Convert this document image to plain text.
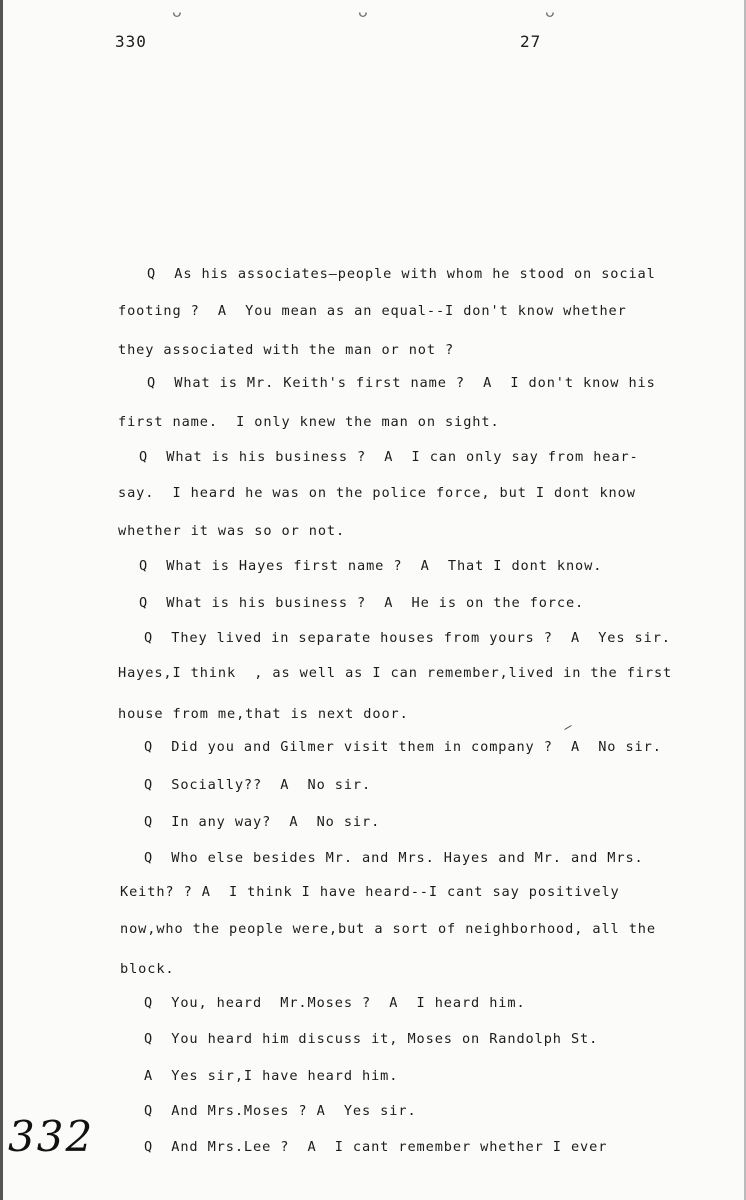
ᴗ	ᴗ	ᴗ
330	27
Q  As his associates—people with whom he stood on social
footing ?  A  You mean as an equal--I don't know whether
they associated with the man or not ?
Q  What is Mr. Keith's first name ?  A  I don't know his
first name.  I only knew the man on sight.
Q  What is his business ?  A  I can only say from hear-
say.  I heard he was on the police force, but I dont know
whether it was so or not.
Q  What is Hayes first name ?  A  That I dont know.
Q  What is his business ?  A  He is on the force.
Q  They lived in separate houses from yours ?  A  Yes sir.
Hayes,I think  , as well as I can remember,lived in the first
house from me,that is next door.
Q  Did you and Gilmer visit them in company ?  A  No sir.
Q  Socially??  A  No sir.
Q  In any way?  A  No sir.
Q  Who else besides Mr. and Mrs. Hayes and Mr. and Mrs.
Keith? ? A  I think I have heard--I cant say positively
now,who the people were,but a sort of neighborhood, all the
block.
Q  You, heard  Mr.Moses ?  A  I heard him.
Q  You heard him discuss it, Moses on Randolph St.
A  Yes sir,I have heard him.
Q  And Mrs.Moses ? A  Yes sir.
Q  And Mrs.Lee ?  A  I cant remember whether I ever
332
